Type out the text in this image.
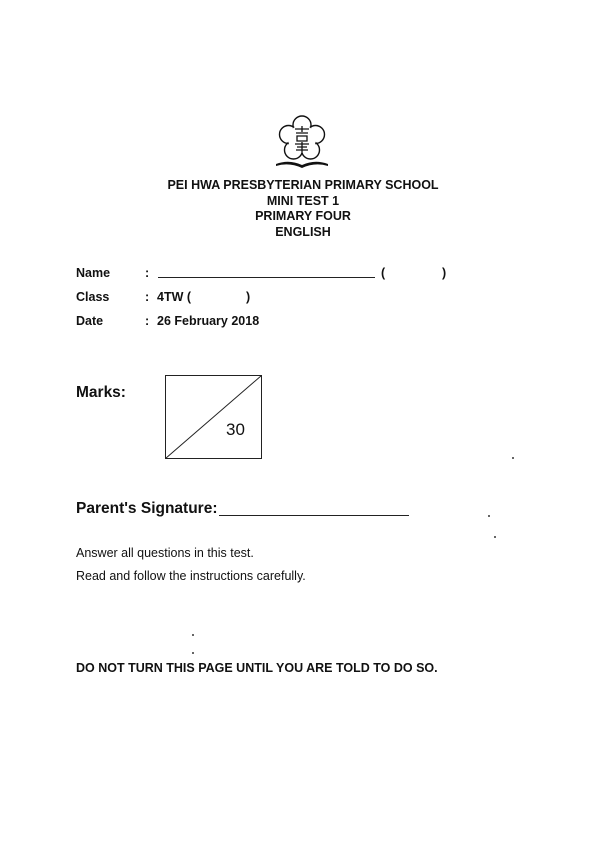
PEI HWA PRESBYTERIAN PRIMARY SCHOOL
MINI TEST 1
PRIMARY FOUR
ENGLISH
Name	:	(	)
Class	: 4TW (	)
Date	: 26 February 2018
Marks:
30
Parent's Signature:
Answer all questions in this test.
Read and follow the instructions carefully.
DO NOT TURN THIS PAGE UNTIL YOU ARE TOLD TO DO SO.
